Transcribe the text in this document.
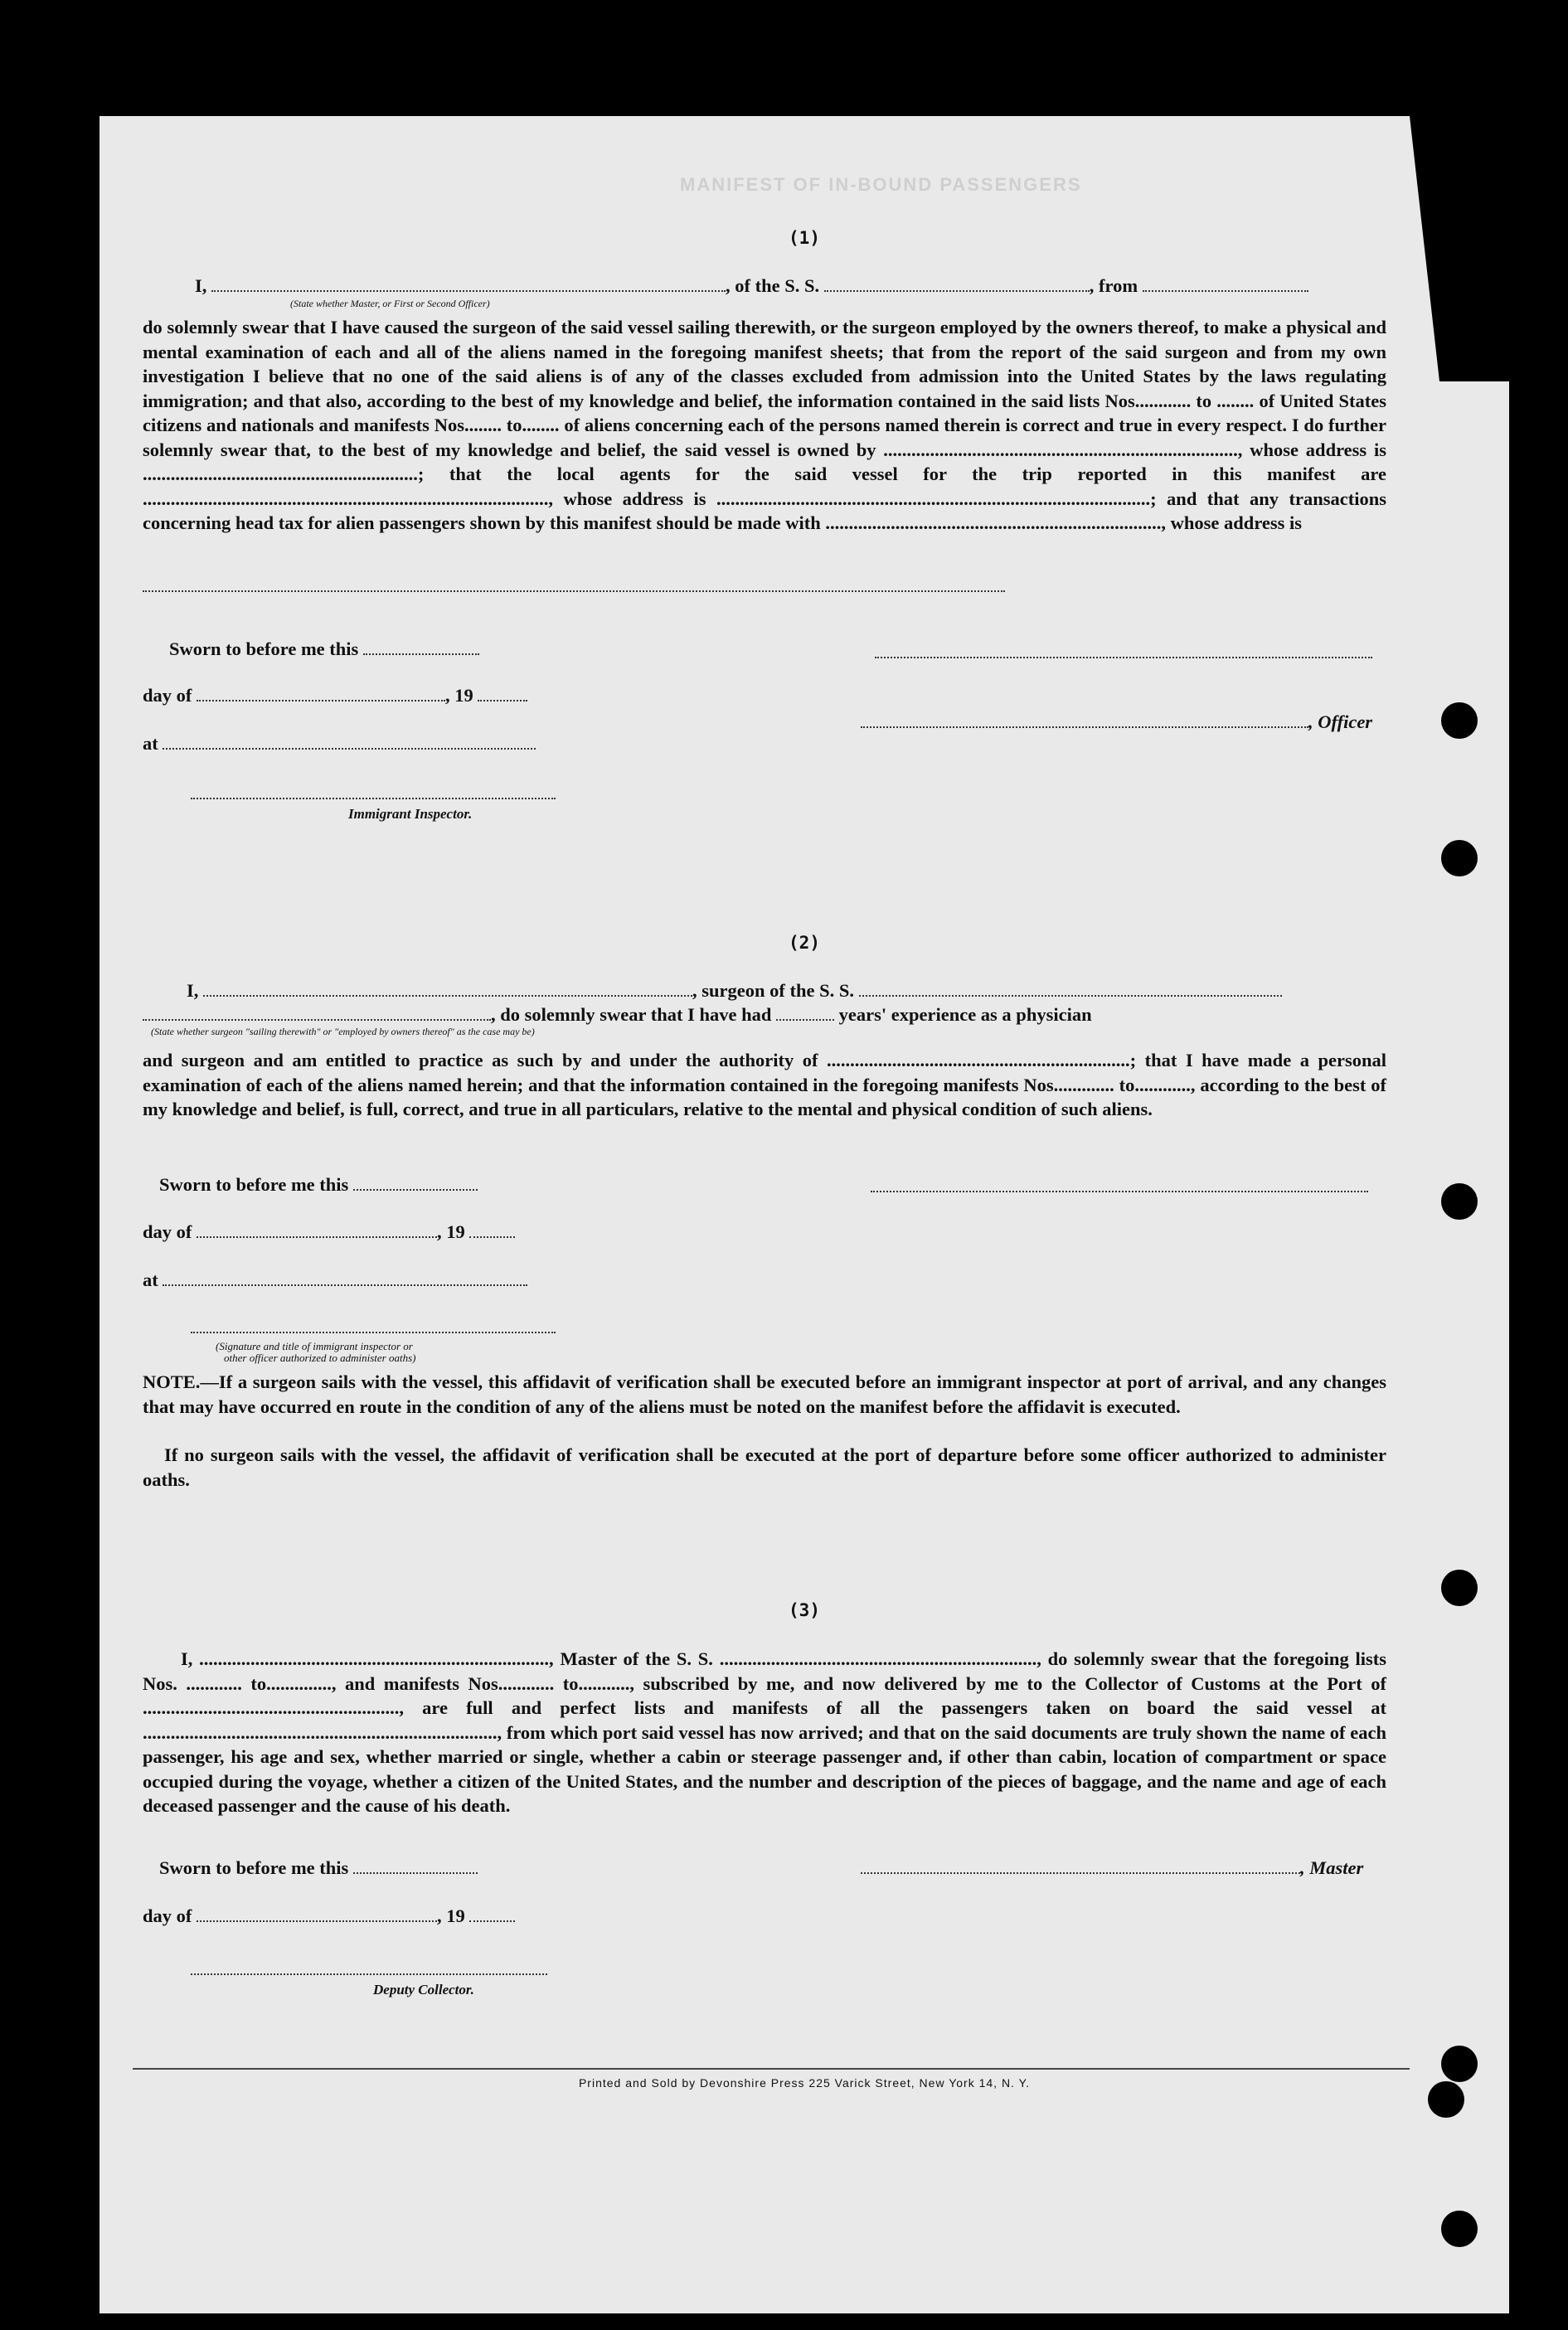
MANIFEST OF IN-BOUND PASSENGERS
(1)
I,	, of the S. S.	, from
(State whether Master, or First or Second Officer)
do solemnly swear that I have caused the surgeon of the said vessel sailing therewith, or the surgeon employed by the owners thereof, to make a physical and mental examination of each and all of the aliens named in the foregoing manifest sheets; that from the report of the said surgeon and from my own investigation I believe that no one of the said aliens is of any of the classes excluded from admission into the United States by the laws regulating immigration; and that also, according to the best of my knowledge and belief, the information contained in the said lists Nos............ to ........ of United States citizens and nationals and manifests Nos........ to........ of aliens concerning each of the persons named therein is correct and true in every respect. I do further solemnly swear that, to the best of my knowledge and belief, the said vessel is owned by ............................................................................, whose address is ...........................................................; that the local agents for the said vessel for the trip reported in this manifest are ......................................................................................., whose address is .............................................................................................; and that any transactions concerning head tax for alien passengers shown by this manifest should be made with ........................................................................, whose address is
Sworn to before me this
day of	, 19
, Officer
at
Immigrant Inspector.
(2)
I,	, surgeon of the S. S.
, do solemnly swear that I have had	years' experience as a physician
(State whether surgeon "sailing therewith" or "employed by owners thereof" as the case may be)
and surgeon and am entitled to practice as such by and under the authority of .................................................................; that I have made a personal examination of each of the aliens named herein; and that the information contained in the foregoing manifests Nos............. to............, according to the best of my knowledge and belief, is full, correct, and true in all particulars, relative to the mental and physical condition of such aliens.
Sworn to before me this
day of	, 19
at
(Signature and title of immigrant inspector or
other officer authorized to administer oaths)
NOTE.—If a surgeon sails with the vessel, this affidavit of verification shall be executed before an immigrant inspector at port of arrival, and any changes that may have occurred en route in the condition of any of the aliens must be noted on the manifest before the affidavit is executed.
If no surgeon sails with the vessel, the affidavit of verification shall be executed at the port of departure before some officer authorized to administer oaths.
(3)
I, ..........................................................................., Master of the S. S. ...................................................................., do solemnly swear that the foregoing lists Nos. ............ to.............., and manifests Nos............ to..........., subscribed by me, and now delivered by me to the Collector of Customs at the Port of ......................................................., are full and perfect lists and manifests of all the passengers taken on board the said vessel at ............................................................................, from which port said vessel has now arrived; and that on the said documents are truly shown the name of each passenger, his age and sex, whether married or single, whether a cabin or steerage passenger and, if other than cabin, location of compartment or space occupied during the voyage, whether a citizen of the United States, and the number and description of the pieces of baggage, and the name and age of each deceased passenger and the cause of his death.
Sworn to before me this	, Master
day of	, 19
Deputy Collector.
Printed and Sold by Devonshire Press 225 Varick Street, New York 14, N. Y.
